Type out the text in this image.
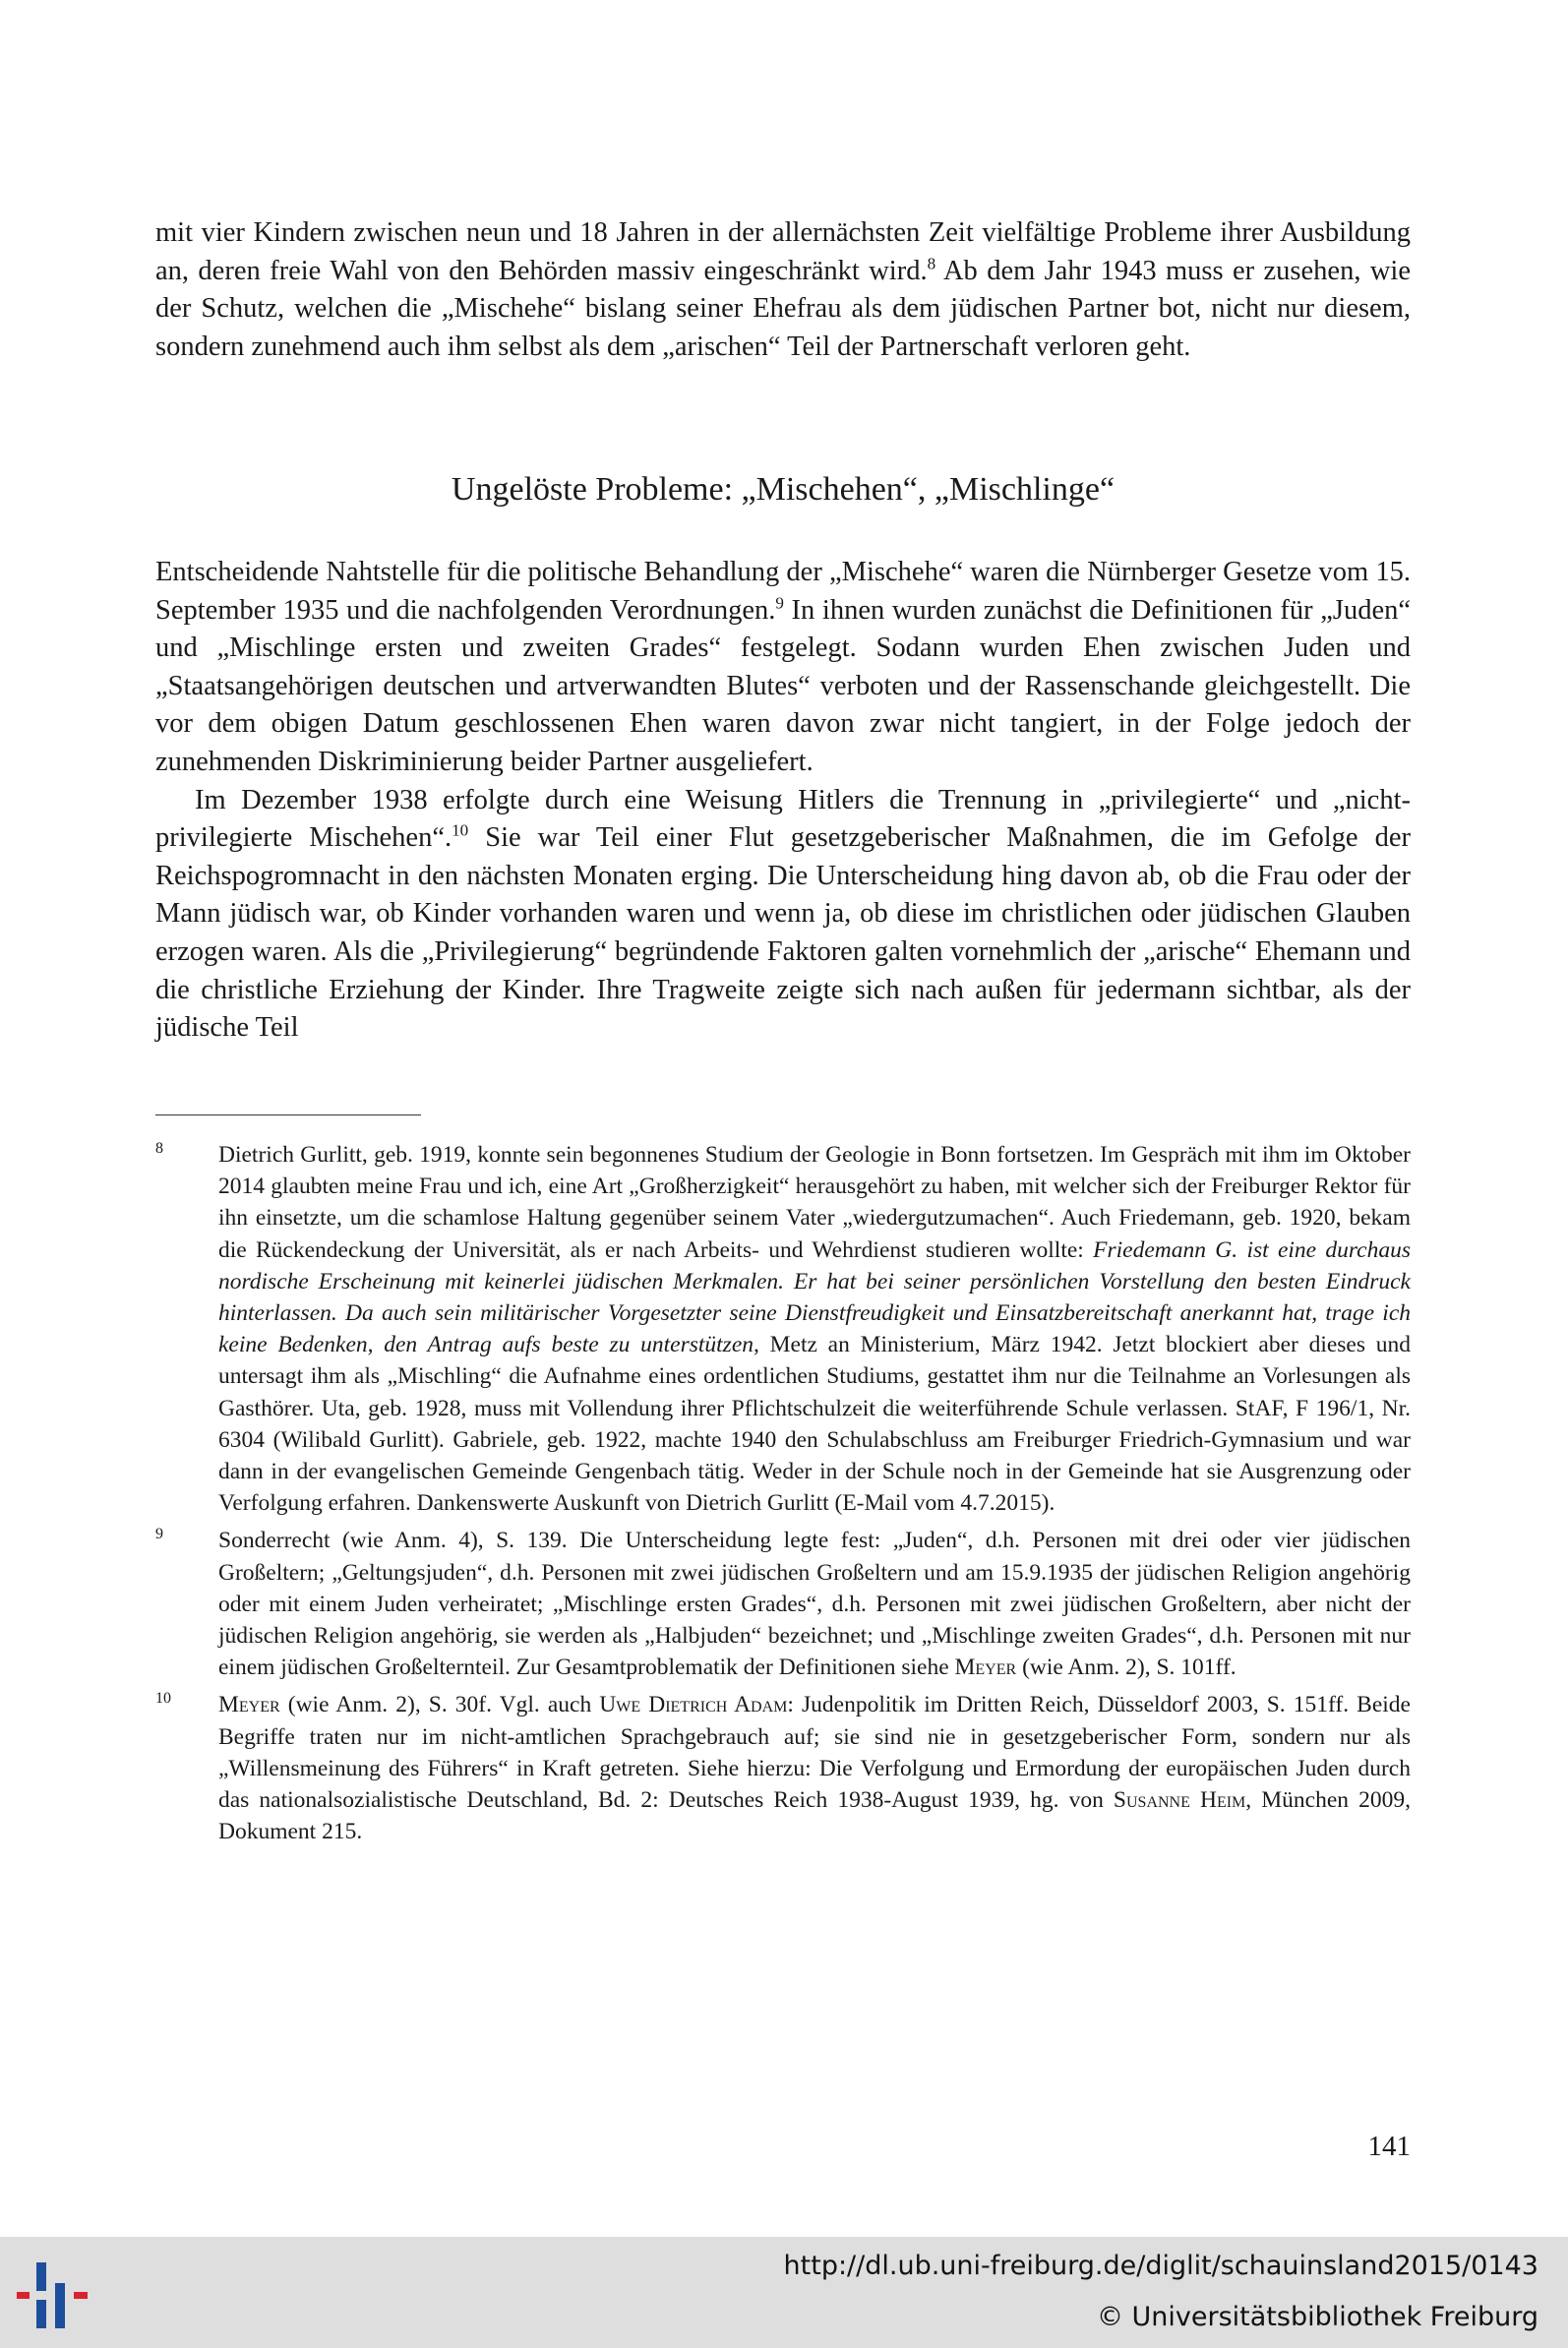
mit vier Kindern zwischen neun und 18 Jahren in der allernächsten Zeit vielfältige Probleme ihrer Ausbildung an, deren freie Wahl von den Behörden massiv eingeschränkt wird.$^8$ Ab dem Jahr 1943 muss er zusehen, wie der Schutz, welchen die „Mischehe“ bislang seiner Ehefrau als dem jüdischen Partner bot, nicht nur diesem, sondern zunehmend auch ihm selbst als dem „arischen“ Teil der Partnerschaft verloren geht.

Ungelöste Probleme: „Mischehen“, „Mischlinge“

Entscheidende Nahtstelle für die politische Behandlung der „Mischehe“ waren die Nürnberger Gesetze vom 15. September 1935 und die nachfolgenden Verordnungen.$^9$ In ihnen wurden zunächst die Definitionen für „Juden“ und „Mischlinge ersten und zweiten Grades“ festgelegt. Sodann wurden Ehen zwischen Juden und „Staatsangehörigen deutschen und artverwandten Blutes“ verboten und der Rassenschande gleichgestellt. Die vor dem obigen Datum geschlossenen Ehen waren davon zwar nicht tangiert, in der Folge jedoch der zunehmenden Diskriminierung beider Partner ausgeliefert.

Im Dezember 1938 erfolgte durch eine Weisung Hitlers die Trennung in „privilegierte“ und „nicht-privilegierte Mischehen“.$^{10}$ Sie war Teil einer Flut gesetzgeberischer Maßnahmen, die im Gefolge der Reichspogromnacht in den nächsten Monaten erging. Die Unterscheidung hing davon ab, ob die Frau oder der Mann jüdisch war, ob Kinder vorhanden waren und wenn ja, ob diese im christlichen oder jüdischen Glauben erzogen waren. Als die „Privilegierung“ begründende Faktoren galten vornehmlich der „arische“ Ehemann und die christliche Erziehung der Kinder. Ihre Tragweite zeigte sich nach außen für jedermann sichtbar, als der jüdische Teil

8 Dietrich Gurlitt, geb. 1919, konnte sein begonnenes Studium der Geologie in Bonn fortsetzen. Im Gespräch mit ihm im Oktober 2014 glaubten meine Frau und ich, eine Art „Großherzigkeit“ herausgehört zu haben, mit welcher sich der Freiburger Rektor für ihn einsetzte, um die schamlose Haltung gegenüber seinem Vater „wiedergutzumachen“. Auch Friedemann, geb. 1920, bekam die Rückendeckung der Universität, als er nach Arbeits- und Wehrdienst studieren wollte: Friedemann G. ist eine durchaus nordische Erscheinung mit keinerlei jüdischen Merkmalen. Er hat bei seiner persönlichen Vorstellung den besten Eindruck hinterlassen. Da auch sein militärischer Vorgesetzter seine Dienstfreudigkeit und Einsatzbereitschaft anerkannt hat, trage ich keine Bedenken, den Antrag aufs beste zu unterstützen, Metz an Ministerium, März 1942. Jetzt blockiert aber dieses und untersagt ihm als „Mischling“ die Aufnahme eines ordentlichen Studiums, gestattet ihm nur die Teilnahme an Vorlesungen als Gasthörer. Uta, geb. 1928, muss mit Vollendung ihrer Pflichtschulzeit die weiterführende Schule verlassen. StAF, F 196/1, Nr. 6304 (Wilibald Gurlitt). Gabriele, geb. 1922, machte 1940 den Schulabschluss am Freiburger Friedrich-Gymnasium und war dann in der evangelischen Gemeinde Gengenbach tätig. Weder in der Schule noch in der Gemeinde hat sie Ausgrenzung oder Verfolgung erfahren. Dankenswerte Auskunft von Dietrich Gurlitt (E-Mail vom 4.7.2015).
9 Sonderrecht (wie Anm. 4), S. 139. Die Unterscheidung legte fest: „Juden“, d.h. Personen mit drei oder vier jüdischen Großeltern; „Geltungsjuden“, d.h. Personen mit zwei jüdischen Großeltern und am 15.9.1935 der jüdischen Religion angehörig oder mit einem Juden verheiratet; „Mischlinge ersten Grades“, d.h. Personen mit zwei jüdischen Großeltern, aber nicht der jüdischen Religion angehörig, sie werden als „Halbjuden“ bezeichnet; und „Mischlinge zweiten Grades“, d.h. Personen mit nur einem jüdischen Großelternteil. Zur Gesamtproblematik der Definitionen siehe Meyer (wie Anm. 2), S. 101ff.
10 Meyer (wie Anm. 2), S. 30f. Vgl. auch Uwe Dietrich Adam: Judenpolitik im Dritten Reich, Düsseldorf 2003, S. 151ff. Beide Begriffe traten nur im nicht-amtlichen Sprachgebrauch auf; sie sind nie in gesetzgeberischer Form, sondern nur als „Willensmeinung des Führers“ in Kraft getreten. Siehe hierzu: Die Verfolgung und Ermordung der europäischen Juden durch das nationalsozialistische Deutschland, Bd. 2: Deutsches Reich 1938-August 1939, hg. von Susanne Heim, München 2009, Dokument 215.
141
http://dl.ub.uni-freiburg.de/diglit/schauinsland2015/0143
© Universitätsbibliothek Freiburg
